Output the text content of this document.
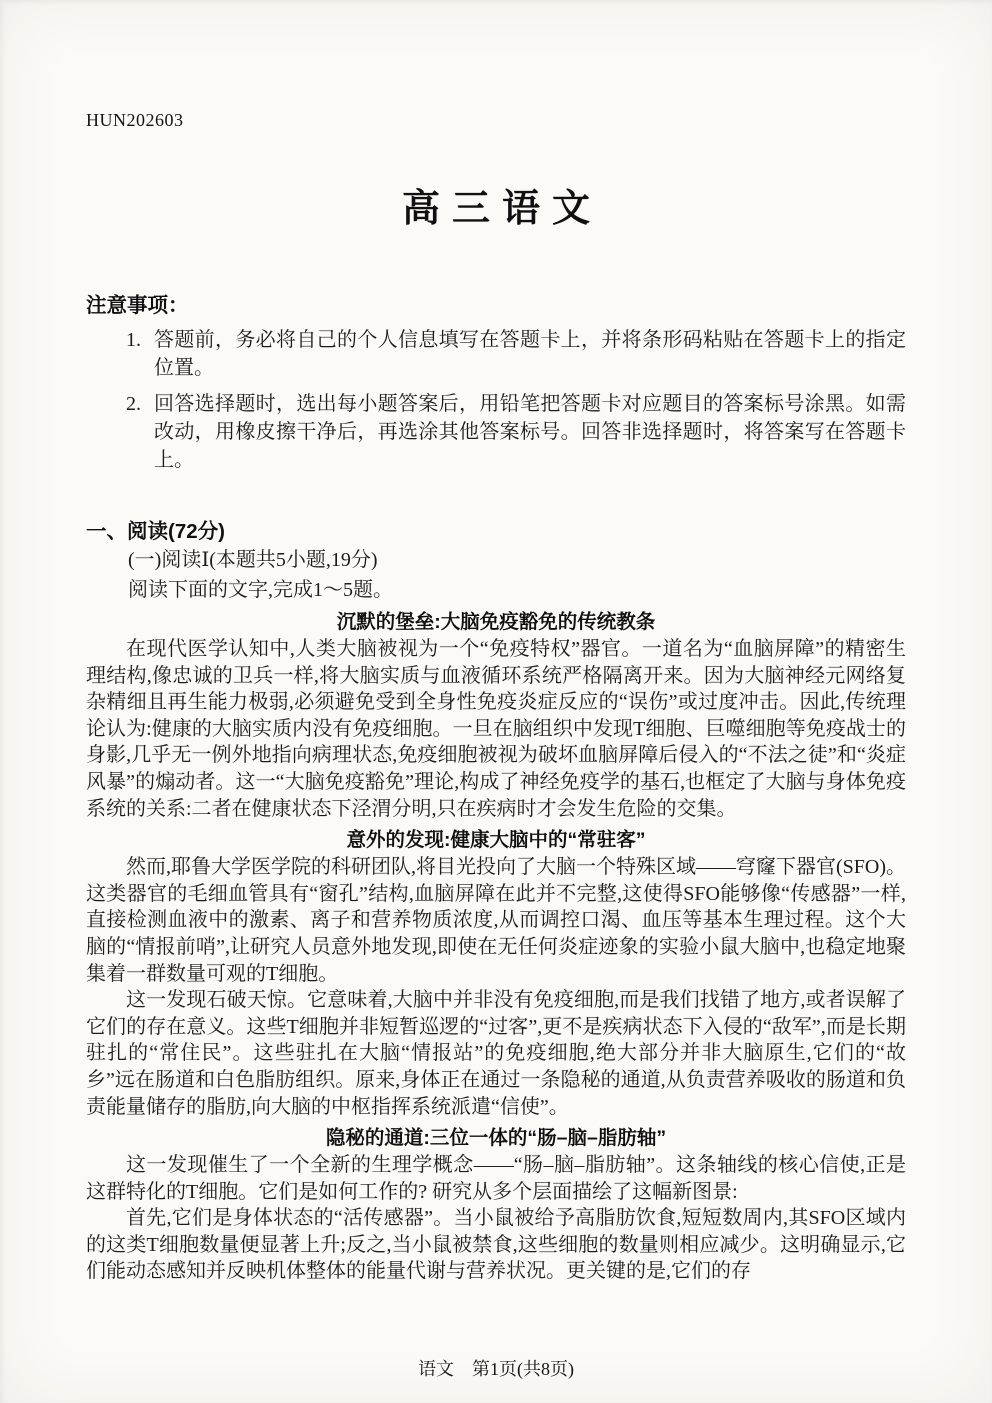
HUN202603
高三语文
注意事项：
1. 答题前，务必将自己的个人信息填写在答题卡上，并将条形码粘贴在答题卡上的指定位置。
2. 回答选择题时，选出每小题答案后，用铅笔把答题卡对应题目的答案标号涂黑。如需改动，用橡皮擦干净后，再选涂其他答案标号。回答非选择题时，将答案写在答题卡上。
一、阅读(72分)
(一)阅读Ⅰ(本题共5小题,19分)
阅读下面的文字,完成1～5题。
沉默的堡垒:大脑免疫豁免的传统教条

在现代医学认知中,人类大脑被视为一个“免疫特权”器官。一道名为“血脑屏障”的精密生理结构,像忠诚的卫兵一样,将大脑实质与血液循环系统严格隔离开来。因为大脑神经元网络复杂精细且再生能力极弱,必须避免受到全身性免疫炎症反应的“误伤”或过度冲击。因此,传统理论认为:健康的大脑实质内没有免疫细胞。一旦在脑组织中发现T细胞、巨噬细胞等免疫战士的身影,几乎无一例外地指向病理状态,免疫细胞被视为破坏血脑屏障后侵入的“不法之徒”和“炎症风暴”的煽动者。这一“大脑免疫豁免”理论,构成了神经免疫学的基石,也框定了大脑与身体免疫系统的关系:二者在健康状态下泾渭分明,只在疾病时才会发生危险的交集。

意外的发现:健康大脑中的“常驻客”

然而,耶鲁大学医学院的科研团队,将目光投向了大脑一个特殊区域——穹窿下器官(SFO)。这类器官的毛细血管具有“窗孔”结构,血脑屏障在此并不完整,这使得SFO能够像“传感器”一样,直接检测血液中的激素、离子和营养物质浓度,从而调控口渴、血压等基本生理过程。这个大脑的“情报前哨”,让研究人员意外地发现,即使在无任何炎症迹象的实验小鼠大脑中,也稳定地聚集着一群数量可观的T细胞。

这一发现石破天惊。它意味着,大脑中并非没有免疫细胞,而是我们找错了地方,或者误解了它们的存在意义。这些T细胞并非短暂巡逻的“过客”,更不是疾病状态下入侵的“敌军”,而是长期驻扎的“常住民”。这些驻扎在大脑“情报站”的免疫细胞,绝大部分并非大脑原生,它们的“故乡”远在肠道和白色脂肪组织。原来,身体正在通过一条隐秘的通道,从负责营养吸收的肠道和负责能量储存的脂肪,向大脑的中枢指挥系统派遣“信使”。

隐秘的通道:三位一体的“肠–脑–脂肪轴”

这一发现催生了一个全新的生理学概念——“肠–脑–脂肪轴”。这条轴线的核心信使,正是这群特化的T细胞。它们是如何工作的? 研究从多个层面描绘了这幅新图景:

首先,它们是身体状态的“活传感器”。当小鼠被给予高脂肪饮食,短短数周内,其SFO区域内的这类T细胞数量便显著上升;反之,当小鼠被禁食,这些细胞的数量则相应减少。这明确显示,它们能动态感知并反映机体整体的能量代谢与营养状况。更关键的是,它们的存

语文　第1页(共8页)
